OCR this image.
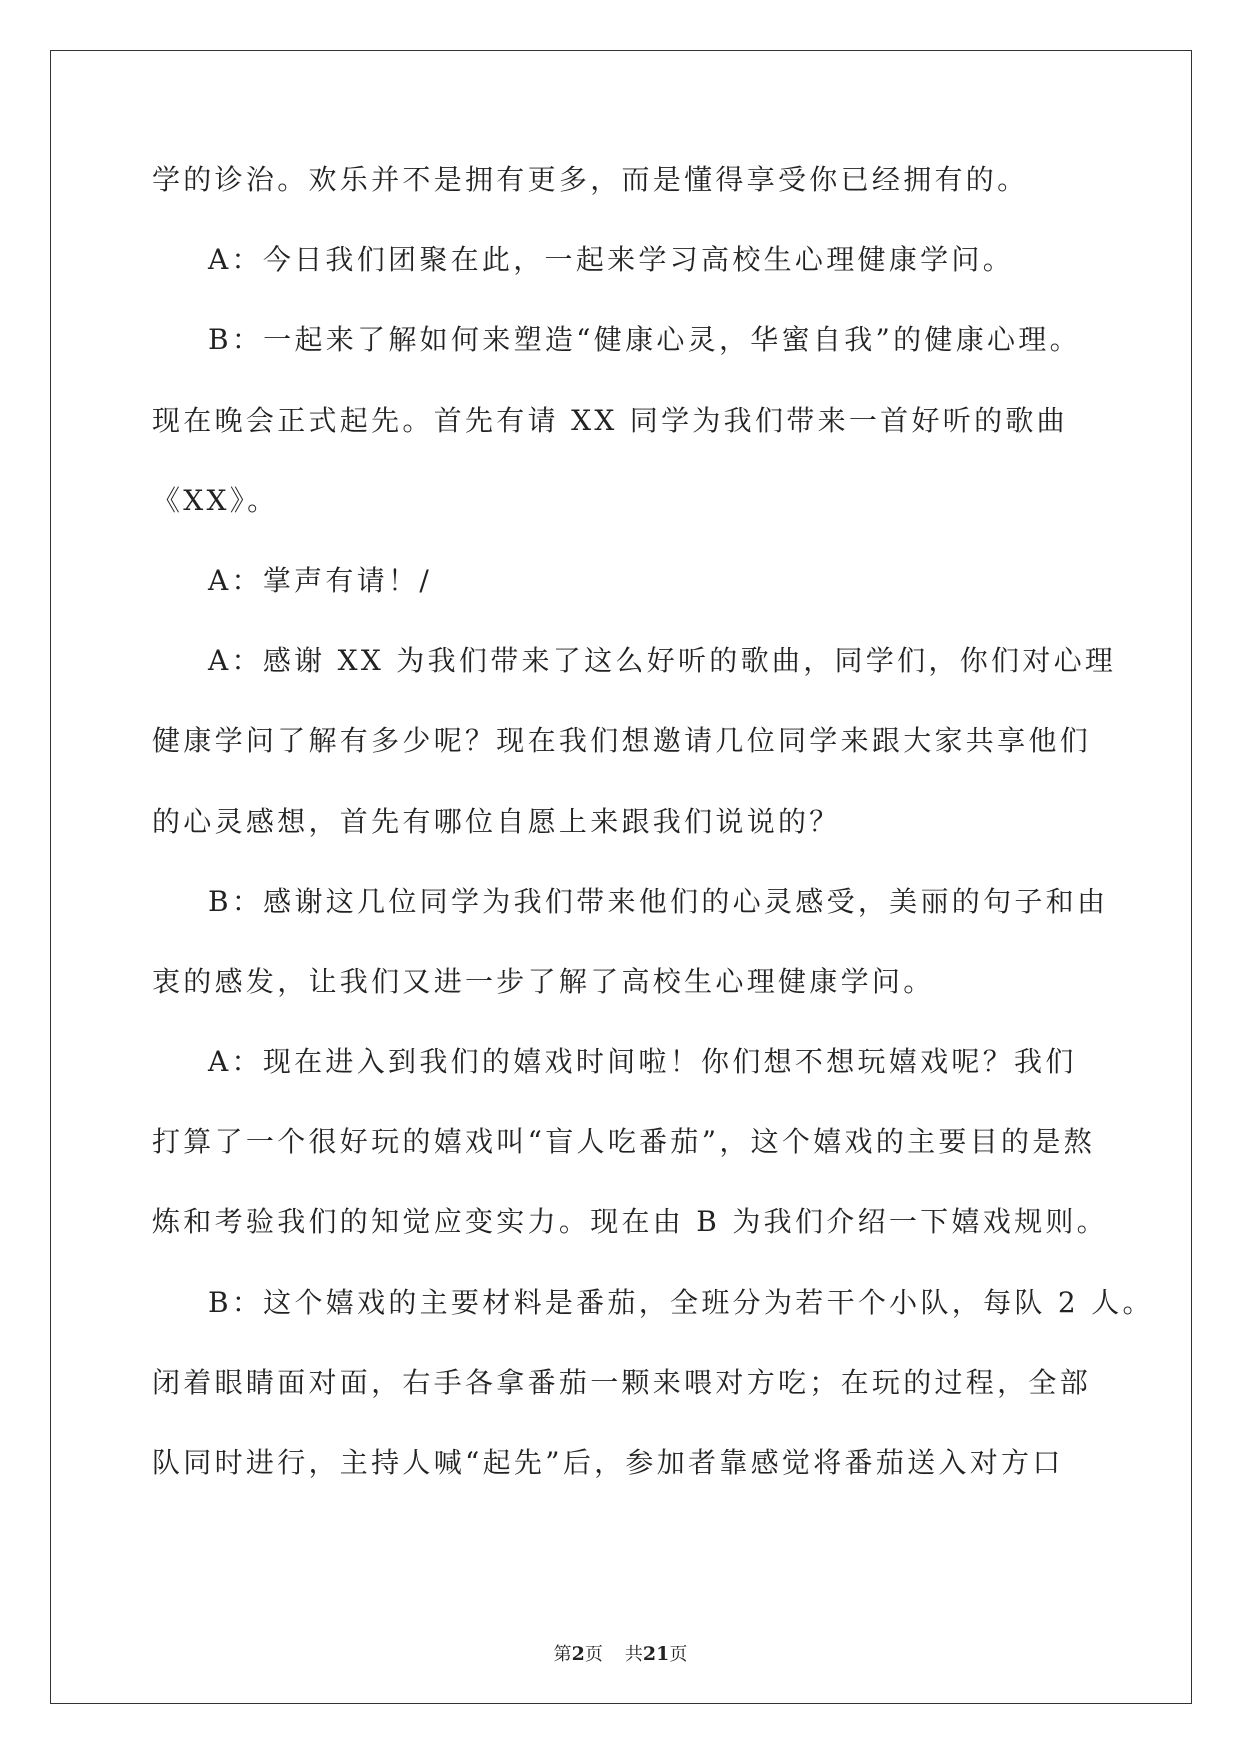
学的诊治。欢乐并不是拥有更多，而是懂得享受你已经拥有的。
A：今日我们团聚在此，一起来学习高校生心理健康学问。
B：一起来了解如何来塑造“健康心灵，华蜜自我”的健康心理。
现在晚会正式起先。首先有请 XX 同学为我们带来一首好听的歌曲
《XX》。
A：掌声有请！/
A：感谢 XX 为我们带来了这么好听的歌曲，同学们，你们对心理
健康学问了解有多少呢？现在我们想邀请几位同学来跟大家共享他们
的心灵感想，首先有哪位自愿上来跟我们说说的？
B：感谢这几位同学为我们带来他们的心灵感受，美丽的句子和由
衷的感发，让我们又进一步了解了高校生心理健康学问。
A：现在进入到我们的嬉戏时间啦！你们想不想玩嬉戏呢？我们
打算了一个很好玩的嬉戏叫“盲人吃番茄”，这个嬉戏的主要目的是熬
炼和考验我们的知觉应变实力。现在由 B 为我们介绍一下嬉戏规则。
B：这个嬉戏的主要材料是番茄，全班分为若干个小队，每队 2 人。
闭着眼睛面对面，右手各拿番茄一颗来喂对方吃；在玩的过程，全部
队同时进行，主持人喊“起先”后，参加者靠感觉将番茄送入对方口
第2页 共21页
